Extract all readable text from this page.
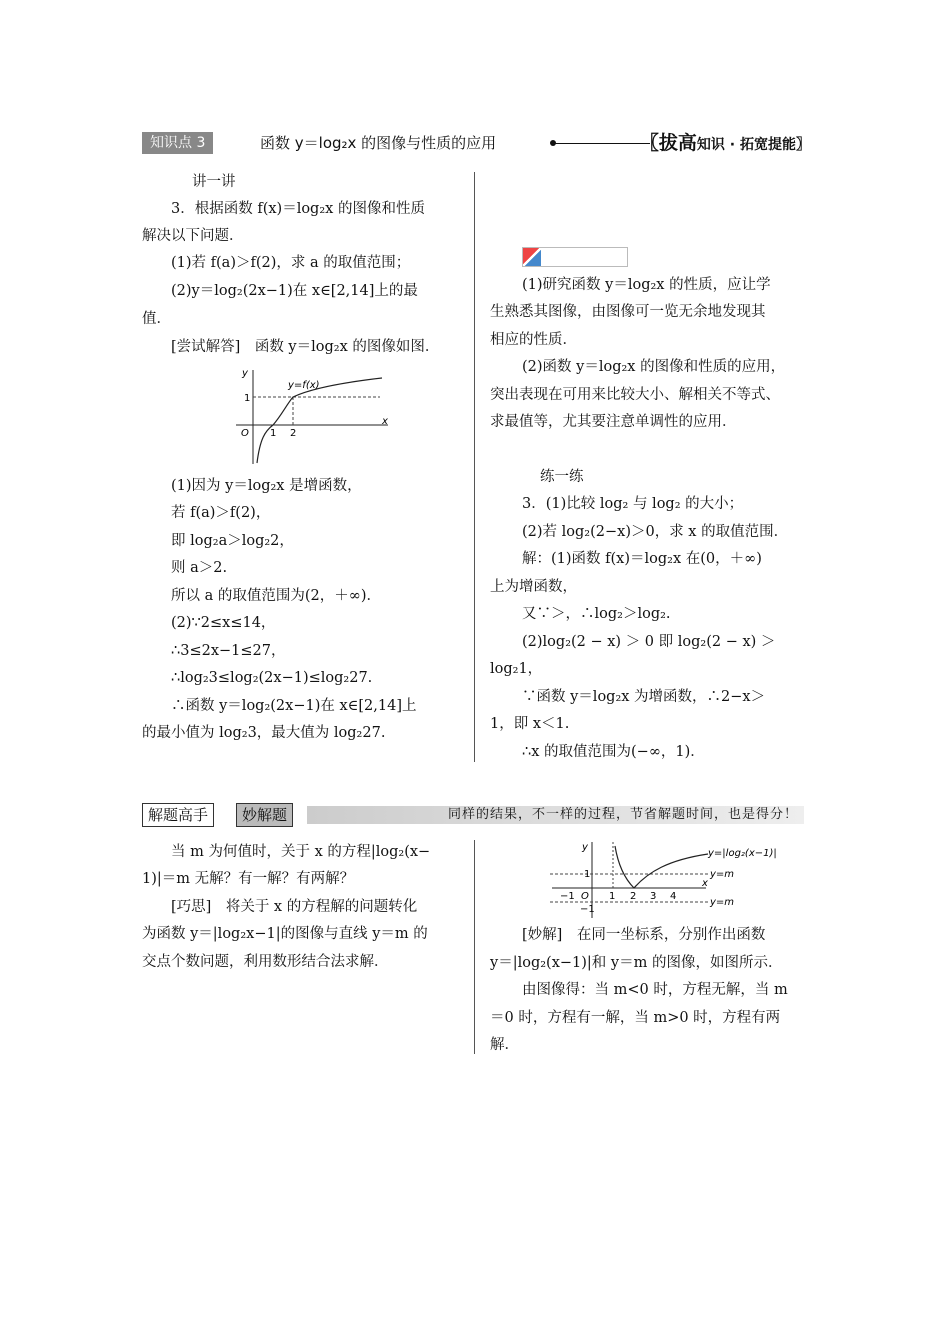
知识点 3	函数 y＝log₂x 的图像与性质的应用	〖拔高知识 · 拓宽提能〗
讲一讲
3．根据函数 f(x)＝log₂x 的图像和性质
解决以下问题．
(1)若 f(a)＞f(2)，求 a 的取值范围；
(2)y＝log₂(2x−1)在 x∈[2,14]上的最
值．
[尝试解答]　函数 y＝log₂x 的图像如图．
y
x
O 1 2
1
y=f(x)
(1)因为 y＝log₂x 是增函数，
若 f(a)＞f(2)，
即 log₂a＞log₂2，
则 a＞2.
所以 a 的取值范围为(2，＋∞)．
(2)∵2≤x≤14，
∴3≤2x−1≤27，
∴log₂3≤log₂(2x−1)≤log₂27.
∴函数 y＝log₂(2x−1)在 x∈[2,14]上
的最小值为 log₂3，最大值为 log₂27.
(1)研究函数 y＝log₂x 的性质，应让学
生熟悉其图像，由图像可一览无余地发现其
相应的性质．
(2)函数 y＝log₂x 的图像和性质的应用，
突出表现在可用来比较大小、解相关不等式、
求最值等，尤其要注意单调性的应用．
练一练
3．(1)比较 log₂ 与 log₂ 的大小；
(2)若 log₂(2−x)＞0，求 x 的取值范围．
解：(1)函数 f(x)＝log₂x 在(0，＋∞)
上为增函数，
又∵＞，∴log₂＞log₂.
(2)log₂(2 − x) ＞ 0 即 log₂(2 − x) ＞
log₂1，
∵函数 y＝log₂x 为增函数，∴2−x＞
1，即 x＜1.
∴x 的取值范围为(−∞，1)．
解题高手	妙解题	同样的结果，不一样的过程，节省解题时间，也是得分！
当 m 为何值时，关于 x 的方程|log₂(x−
1)|＝m 无解？有一解？有两解？
[巧思]　将关于 x 的方程解的问题转化
为函数 y＝|log₂x−1|的图像与直线 y＝m 的
交点个数问题，利用数形结合法求解．
y
x
O
−1	1 2 3 4
1
−1
y=|log₂(x−1)|
y=m
y=m
[妙解]　在同一坐标系，分别作出函数
y＝|log₂(x−1)|和 y＝m 的图像，如图所示．
由图像得：当 m<0 时，方程无解，当 m
＝0 时，方程有一解，当 m>0 时，方程有两
解．
